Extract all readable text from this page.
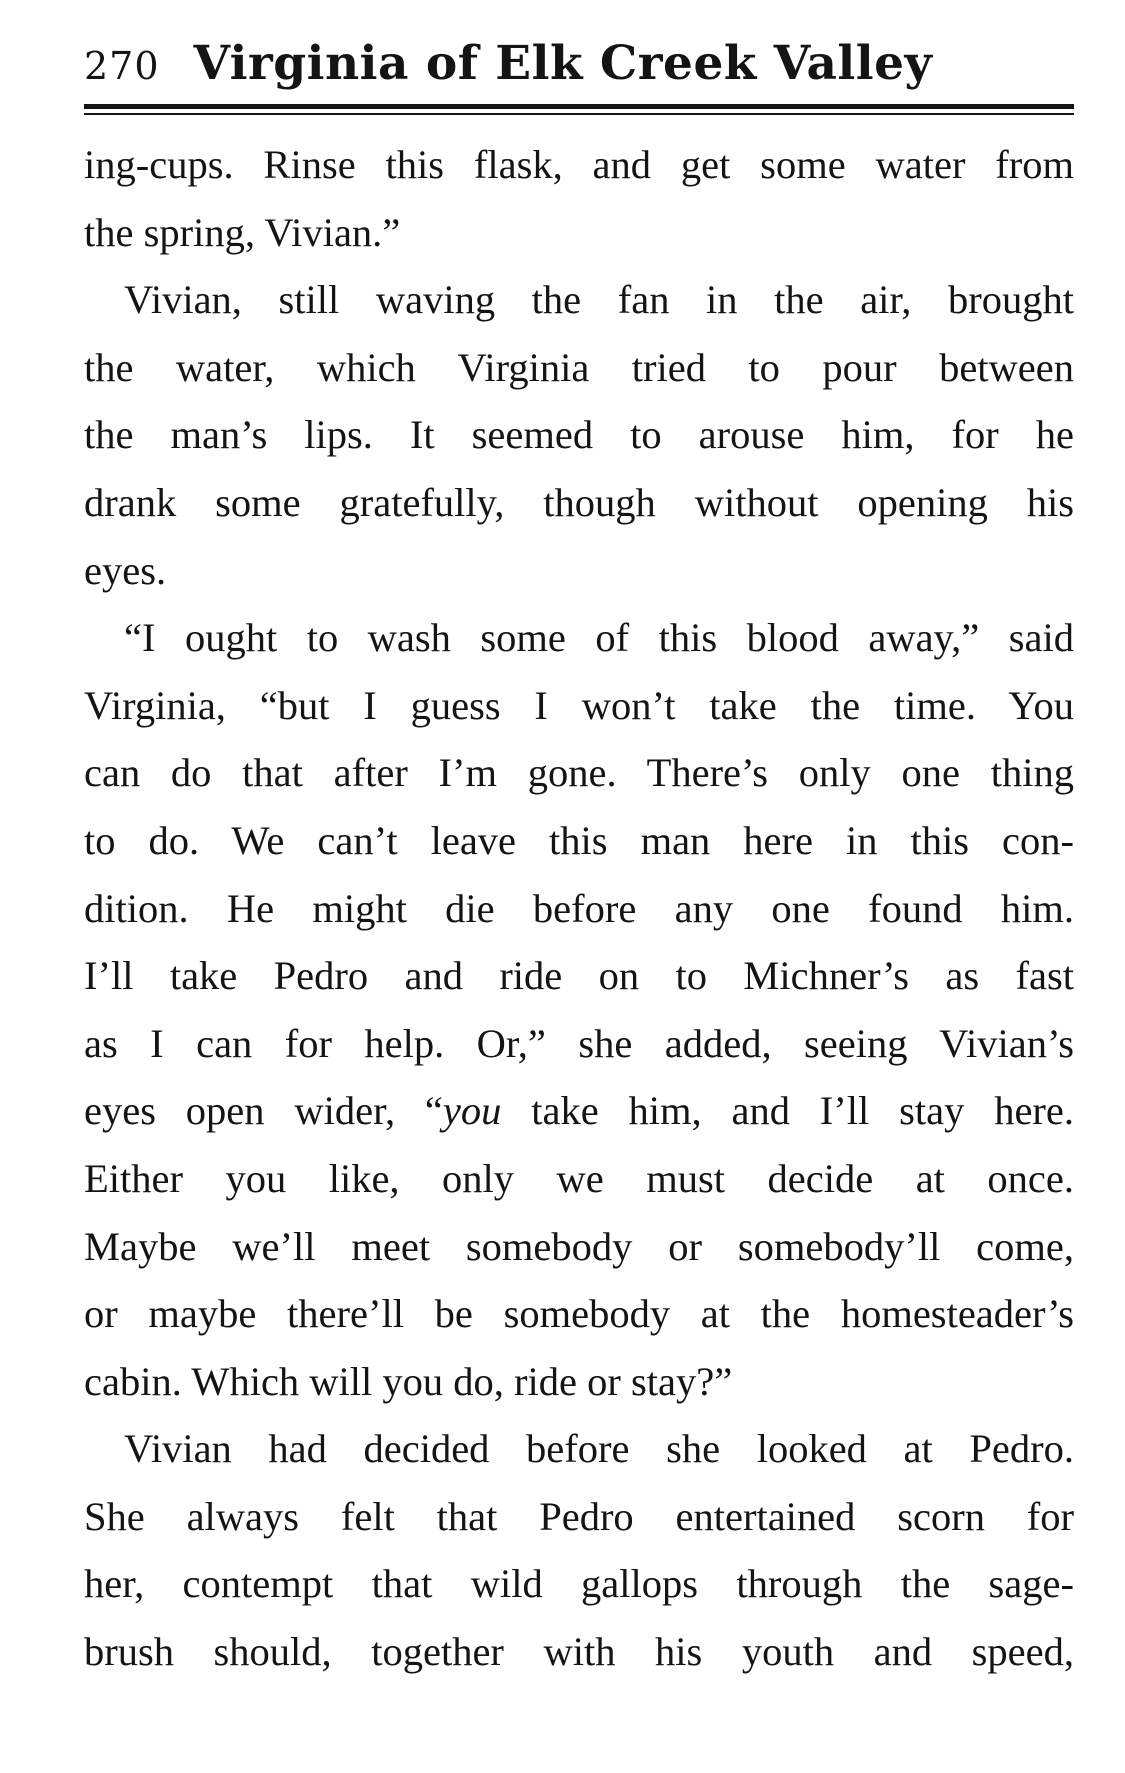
270 Virginia of Elk Creek Valley
ing-cups. Rinse this flask, and get some water from
the spring, Vivian.”
Vivian, still waving the fan in the air, brought
the water, which Virginia tried to pour between
the man’s lips. It seemed to arouse him, for he
drank some gratefully, though without opening his
eyes.
“I ought to wash some of this blood away,” said
Virginia, “but I guess I won’t take the time. You
can do that after I’m gone. There’s only one thing
to do. We can’t leave this man here in this con-
dition. He might die before any one found him.
I’ll take Pedro and ride on to Michner’s as fast
as I can for help. Or,” she added, seeing Vivian’s
eyes open wider, “you take him, and I’ll stay here.
Either you like, only we must decide at once.
Maybe we’ll meet somebody or somebody’ll come,
or maybe there’ll be somebody at the homesteader’s
cabin. Which will you do, ride or stay?”
Vivian had decided before she looked at Pedro.
She always felt that Pedro entertained scorn for
her, contempt that wild gallops through the sage-
brush should, together with his youth and speed,
